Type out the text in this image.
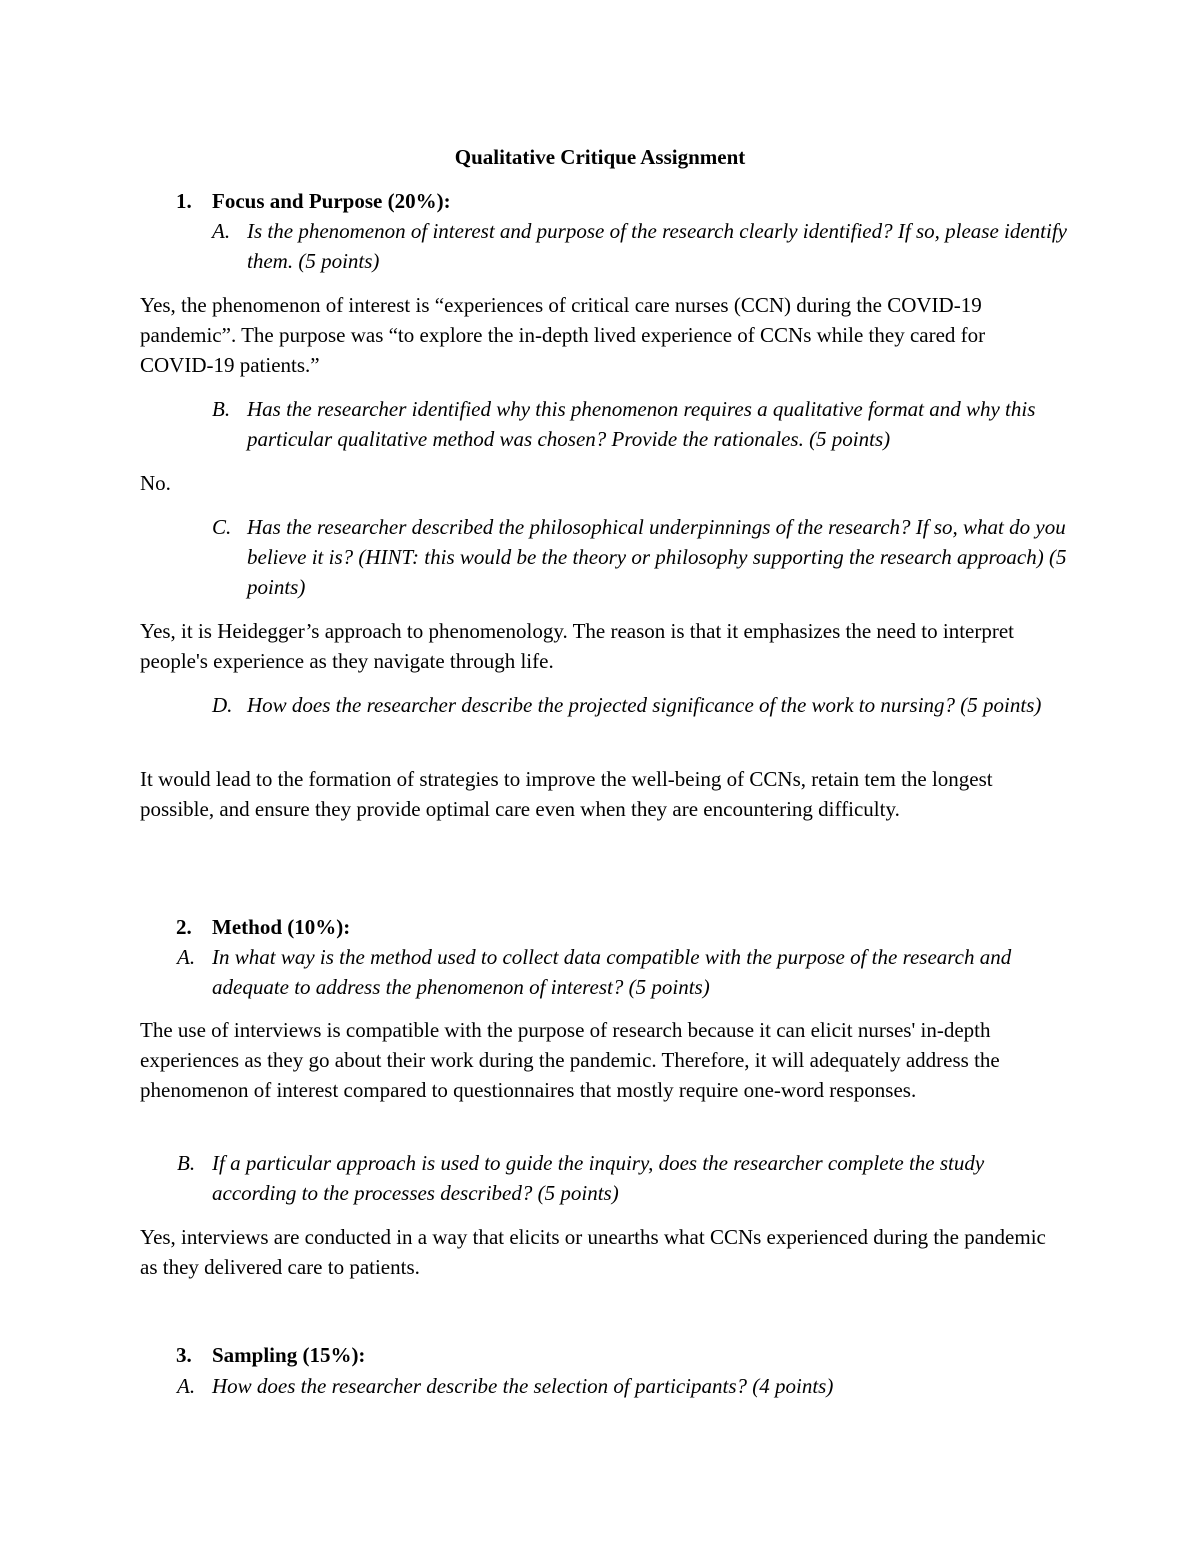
Qualitative Critique Assignment
1. Focus and Purpose (20%):
A. Is the phenomenon of interest and purpose of the research clearly identified? If so, please identify them. (5 points)
Yes, the phenomenon of interest is “experiences of critical care nurses (CCN) during the COVID-19 pandemic”. The purpose was “to explore the in-depth lived experience of CCNs while they cared for COVID-19 patients.”
B. Has the researcher identified why this phenomenon requires a qualitative format and why this particular qualitative method was chosen? Provide the rationales. (5 points)
No.
C. Has the researcher described the philosophical underpinnings of the research? If so, what do you believe it is? (HINT: this would be the theory or philosophy supporting the research approach) (5 points)
Yes, it is Heidegger’s approach to phenomenology. The reason is that it emphasizes the need to interpret people's experience as they navigate through life.
D. How does the researcher describe the projected significance of the work to nursing? (5 points)
It would lead to the formation of strategies to improve the well-being of CCNs, retain tem the longest possible, and ensure they provide optimal care even when they are encountering difficulty.
2. Method (10%):
A. In what way is the method used to collect data compatible with the purpose of the research and adequate to address the phenomenon of interest? (5 points)
The use of interviews is compatible with the purpose of research because it can elicit nurses' in-depth experiences as they go about their work during the pandemic. Therefore, it will adequately address the phenomenon of interest compared to questionnaires that mostly require one-word responses.
B. If a particular approach is used to guide the inquiry, does the researcher complete the study according to the processes described? (5 points)
Yes, interviews are conducted in a way that elicits or unearths what CCNs experienced during the pandemic as they delivered care to patients.
3. Sampling (15%):
A. How does the researcher describe the selection of participants? (4 points)
